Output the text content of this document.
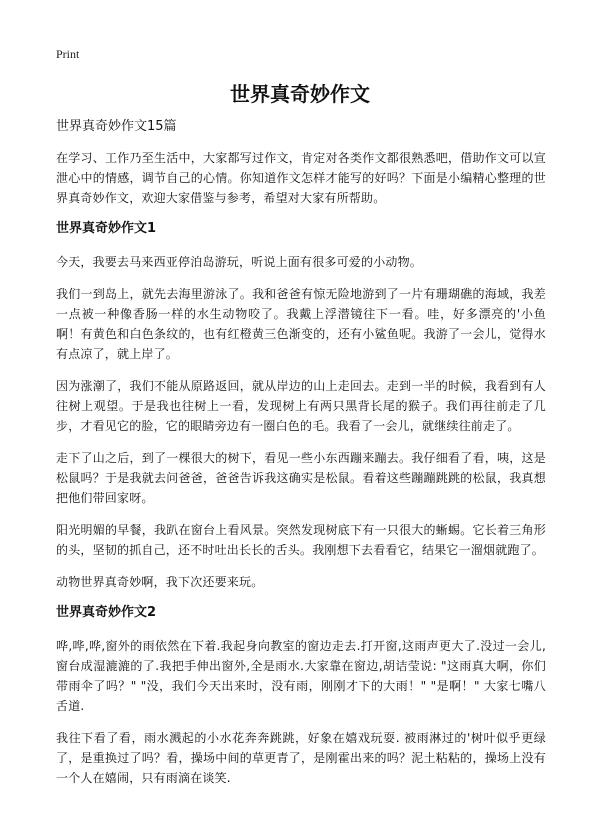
Print
世界真奇妙作文

世界真奇妙作文15篇

在学习、工作乃至生活中，大家都写过作文，肯定对各类作文都很熟悉吧，借助作文可以宣泄心中的情感，调节自己的心情。你知道作文怎样才能写的好吗？下面是小编精心整理的世界真奇妙作文，欢迎大家借鉴与参考，希望对大家有所帮助。

世界真奇妙作文1

今天，我要去马来西亚停泊岛游玩，听说上面有很多可爱的小动物。

我们一到岛上，就先去海里游泳了。我和爸爸有惊无险地游到了一片有珊瑚礁的海域，我差一点被一种像香肠一样的水生动物咬了。我戴上浮潜镜往下一看。哇，好多漂亮的'小鱼啊！有黄色和白色条纹的，也有红橙黄三色渐变的，还有小鲨鱼呢。我游了一会儿，觉得水有点凉了，就上岸了。

因为涨潮了，我们不能从原路返回，就从岸边的山上走回去。走到一半的时候，我看到有人往树上观望。于是我也往树上一看，发现树上有两只黑背长尾的猴子。我们再往前走了几步，才看见它的脸，它的眼睛旁边有一圈白色的毛。我看了一会儿，就继续往前走了。

走下了山之后，到了一棵很大的树下，看见一些小东西蹦来蹦去。我仔细看了看，咦，这是松鼠吗？于是我就去问爸爸，爸爸告诉我这确实是松鼠。看着这些蹦蹦跳跳的松鼠，我真想把他们带回家呀。

阳光明媚的早餐，我趴在窗台上看风景。突然发现树底下有一只很大的蜥蜴。它长着三角形的头，坚韧的抓自己，还不时吐出长长的舌头。我刚想下去看看它，结果它一溜烟就跑了。

动物世界真奇妙啊，我下次还要来玩。

世界真奇妙作文2

哗,哗,哗,窗外的雨依然在下着.我起身向教室的窗边走去.打开窗,这雨声更大了.没过一会儿,窗台成湿漉漉的了.我把手伸出窗外,全是雨水.大家靠在窗边,胡诘莹说: "这雨真大啊，你们带雨伞了吗？" "没，我们今天出来时，没有雨，刚刚才下的大雨！" "是啊！" 大家七嘴八舌道.

我往下看了看，雨水溅起的小水花奔奔跳跳，好象在嬉戏玩耍. 被雨淋过的'树叶似乎更绿了，是重换过了吗？看，操场中间的草更青了，是刚霍出来的吗？泥土粘粘的，操场上没有一个人在嬉闹，只有雨滴在谈笑.
